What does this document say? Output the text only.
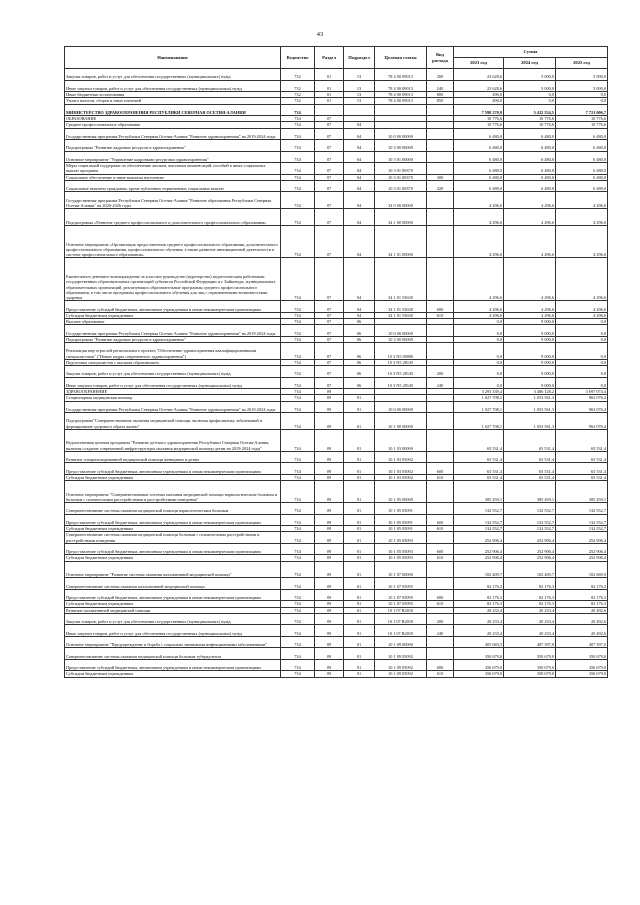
43
Наименование	Ведомство	Раздел	Подраздел	Целевая статья	Вид расхода	Сумма		
						2023 год	2024 год	2025 год
Закупка товаров, работ и услуг для обеспечения государственных (муниципальных) нужд	732	01	13	78 4 00 09013	200	23 628,6	5 000,0	5 000,0
Иные закупки товаров, работ и услуг для обеспечения государственных (муниципальных) нужд	732	01	13	78 4 00 09013	240	23 628,6	5 000,0	5 000,0
Иные бюджетные ассигнования	732	01	13	78 4 00 09013	800	490,0	0,0	0,0
Уплата налогов, сборов и иных платежей	732	01	13	78 4 00 09013	850	490,0	0,0	0,0
МИНИСТЕРСТВО ЗДРАВООХРАНЕНИЯ РЕСПУБЛИКИ СЕВЕРНАЯ ОСЕТИЯ-АЛАНИЯ	734					7 598 270,9	5 432 534,5	7 721 006,7
ОБРАЗОВАНИЕ	734	07				10 776,6	10 776,6	10 776,6
Среднее профессиональное образование	734	07	04			10 776,6	10 776,6	10 776,6
Государственная программа Республики Северная Осетия-Алания "Развитие здравоохранения" на 2019-2024 годы	734	07	04	10 0 00 00000		6 480,0	6 480,0	6 480,0
Подпрограмма "Развитие кадровых ресурсов в здравоохранении"	734	07	04	10 3 00 00000		6 480,0	6 480,0	6 480,0
Основное мероприятие "Управление кадровыми ресурсами здравоохранения"	734	07	04	10 3 01 00000		6 480,0	6 480,0	6 480,0
Меры социальной поддержки по обеспечению жильем, выплатам компенсаций, пособий в иных социальных выплат программ	734	07	04	10 3 01 00370		6 480,0	6 480,0	6 480,0
Социальное обеспечение и иные выплаты населению	734	07	04	10 3 01 00370	300	6 480,0	6 480,0	6 480,0
Социальные выплаты гражданам, кроме публичных нормативных социальных выплат	734	07	04	10 3 01 00370	320	6 480,0	6 480,0	6 480,0
Государственная программа Республики Северная Осетия-Алания "Развитие образования Республики Северная Осетия-Алания" на 2020-2026 годы	734	07	04	34 0 00 00000		4 296,6	4 296,6	4 296,6
Подпрограмма «Развитие среднего профессионального и дополнительного профессионального образования»	734	07	04	34 1 00 00000		4 296,6	4 296,6	4 296,6
Основное мероприятие «Организация предоставления среднего профессионального образования, дополнительного профессионального образования, профессионального обучения, а также развитие инновационной деятельности в системе профессионального образования»	734	07	04	34 1 01 00000		4 296,6	4 296,6	4 296,6
Ежемесячное денежное вознаграждение за классное руководство (кураторство) педагогическим работникам государственных образовательных организаций субъектов Российской Федерации и г. Байконура, муниципальных образовательных организаций, реализующих образовательные программы среднего профессионального образования, в том числе программы профессионального обучения для лиц с ограниченными возможностями здоровья	734	07	04	34 1 01 53630		4 296,6	4 296,6	4 296,6
Предоставление субсидий бюджетным, автономным учреждениям и иным некоммерческим организациям	734	07	04	34 1 01 53630	600	4 296,6	4 296,6	4 296,6
Субсидии бюджетным учреждениям	734	07	04	34 1 01 53630	610	4 296,6	4 296,6	4 296,6
Высшее образование	734	07	06			0,0	9 000,0	0,0
Государственная программа Республики Северная Осетия-Алания "Развитие здравоохранения" на 2019-2024 годы	734	07	06	10 0 00 00000		0,0	9 000,0	0,0
Подпрограмма "Развитие кадровых ресурсов в здравоохранении"	734	07	06	10 3 00 00000		0,0	9 000,0	0,0
Реализация мер отраслей регионального проекта "Обеспечение здравоохранения квалифицированными специалистами" ("Новые кадры современного здравоохранения")	734	07	06	10 3 N5 00000		0,0	9 000,0	0,0
Подготовка специалистов с высшим образованием	734	07	06	10 3 N5 28145		0,0	9 000,0	0,0
Закупка товаров, работ и услуг для обеспечения государственных (муниципальных) нужд	734	07	06	10 3 N5 28145	200	0,0	9 000,0	0,0
Иные закупки товаров, работ и услуг для обеспечения государственных (муниципальных) нужд	734	07	06	10 3 N5 28145	240	0,0	9 000,0	0,0
ЗДРАВООХРАНЕНИЕ	734	09				3 293 339,4	3 486 128,2	3 697 074,4
Стационарная медицинская помощь	734	09	01			1 027 708,1	1 053 561,3	963 076,4
Государственная программа Республики Северная Осетия-Алания "Развитие здравоохранения" на 2019-2024 годы	734	09	01	10 0 00 00000		1 027 708,1	1 053 561,3	963 076,4
Подпрограмма"Совершенствование оказания медицинской помощи, включая профилактику заболеваний и формирование здорового образа жизни"	734	09	01	10 1 00 00000		1 027 708,1	1 053 561,3	963 076,4
Ведомственная целевая программа "Развитие детского здравоохранения Республики Северная Осетия-Алания, включая создание современной инфраструктуры оказания медицинской помощи детям на 2019-2024 годы"	734	09	01	10 1 03 00000		65 531,4	65 531,4	65 531,4
Развитие специализированной медицинской помощи женщинам и детям	734	09	01	10 1 03 05002		65 531,4	65 531,4	65 531,4
Предоставление субсидий бюджетным, автономным учреждениям и иным некоммерческим организациям	734	09	01	10 1 03 05002	600	65 531,4	65 531,4	65 531,4
Субсидии бюджетным учреждениям	734	09	01	10 1 03 05002	610	65 531,4	65 531,4	65 531,4
Основное мероприятие "Совершенствование системы оказания медицинской помощи наркологическим больным и больным с психическими расстройствами и расстройствами поведения"	734	09	01	10 1 05 00000		385 459,1	385 459,1	385 459,1
Совершенствование системы оказания медицинской помощи наркологическим больным	734	09	01	10 1 05 05091		132 552,7	132 552,7	132 552,7
Предоставление субсидий бюджетным, автономным учреждениям и иным некоммерческим организациям	734	09	01	10 1 05 05091	600	132 552,7	132 552,7	132 552,7
Субсидии бюджетным учреждениям	734	09	01	10 1 05 05091	610	132 552,7	132 552,7	132 552,7
Совершенствование системы оказания медицинской помощи больным с психическими расстройствами и расстройствами поведения	734	09	01	10 1 05 05093		252 906,4	252 906,4	252 906,4
Предоставление субсидий бюджетным, автономным учреждениям и иным некоммерческим организациям	734	09	01	10 1 05 05093	600	252 906,4	252 906,4	252 906,4
Субсидии бюджетным учреждениям	734	09	01	10 1 05 05093	610	252 906,4	252 906,4	252 906,4
Основное мероприятие "Развитие системы оказания паллиативной медицинской помощи"	734	09	01	10 1 07 00000		102 409,7	102 409,7	102 669,9
Совершенствование системы оказания паллиативной медицинской помощи	734	09	01	10 1 07 05095		82 176,3	82 176,3	82 176,3
Предоставление субсидий бюджетным, автономным учреждениям и иным некоммерческим организациям	734	09	01	10 1 07 05095	600	82 176,3	82 176,3	82 176,3
Субсидии бюджетным учреждениям	734	09	01	10 1 07 05095	610	82 176,3	82 176,3	82 176,3
Развитие паллиативной медицинской помощи	734	09	01	10 1 07 R2010		20 233,4	20 233,4	20 492,6
Закупка товаров, работ и услуг для обеспечения государственных (муниципальных) нужд	734	09	01	10 1 07 R2010	200	20 233,4	20 233,4	20 492,6
Иные закупки товаров, работ и услуг для обеспечения государственных (муниципальных) нужд	734	09	01	10 1 07 R2010	240	20 233,4	20 233,4	20 492,6
Основное мероприятие "Предупреждение и борьба с социально значимыми инфекционными заболеваниями"	734	09	01	10 1 09 00000		405 683,5	407 397,0	407 397,0
Совершенствование системы оказания медицинской помощи больным туберкулезом	734	09	01	10 1 09 05092		350 679,0	350 679,0	350 679,0
Предоставление субсидий бюджетным, автономным учреждениям и иным некоммерческим организациям	734	09	01	10 1 09 05092	600	350 679,0	350 679,0	350 679,0
Субсидии бюджетным учреждениям	734	09	01	10 1 09 05092	610	350 679,0	350 679,0	350 679,0
